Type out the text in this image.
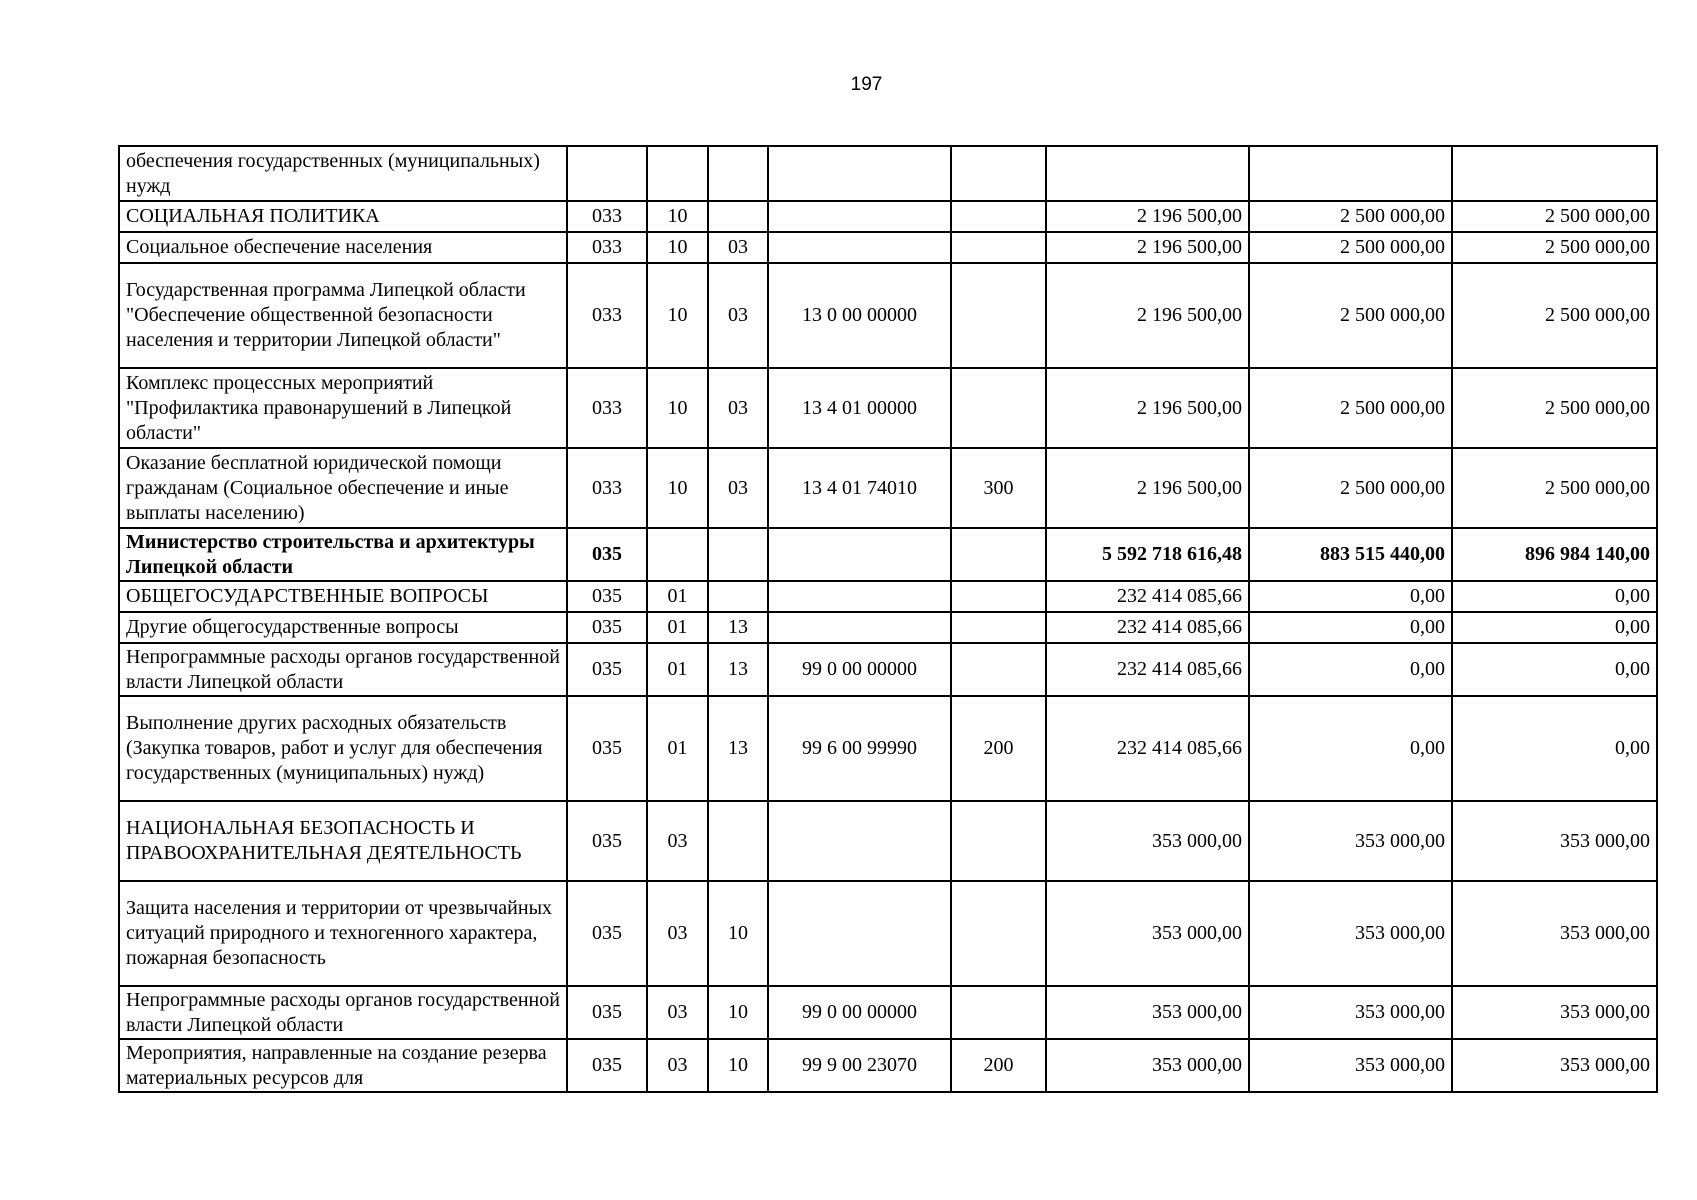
197
обеспечения государственных (муниципальных) нужд								
СОЦИАЛЬНАЯ ПОЛИТИКА	033	10				2 196 500,00	2 500 000,00	2 500 000,00
Социальное обеспечение населения	033	10	03			2 196 500,00	2 500 000,00	2 500 000,00
Государственная программа Липецкой области "Обеспечение общественной безопасности населения и территории Липецкой области"	033	10	03	13 0 00 00000		2 196 500,00	2 500 000,00	2 500 000,00
Комплекс процессных мероприятий "Профилактика правонарушений в Липецкой области"	033	10	03	13 4 01 00000		2 196 500,00	2 500 000,00	2 500 000,00
Оказание бесплатной юридической помощи гражданам (Социальное обеспечение и иные выплаты населению)	033	10	03	13 4 01 74010	300	2 196 500,00	2 500 000,00	2 500 000,00
Министерство строительства и архитектуры Липецкой области	035					5 592 718 616,48	883 515 440,00	896 984 140,00
ОБЩЕГОСУДАРСТВЕННЫЕ ВОПРОСЫ	035	01				232 414 085,66	0,00	0,00
Другие общегосударственные вопросы	035	01	13			232 414 085,66	0,00	0,00
Непрограммные расходы органов государственной власти Липецкой области	035	01	13	99 0 00 00000		232 414 085,66	0,00	0,00
Выполнение других расходных обязательств (Закупка товаров, работ и услуг для обеспечения государственных (муниципальных) нужд)	035	01	13	99 6 00 99990	200	232 414 085,66	0,00	0,00
НАЦИОНАЛЬНАЯ БЕЗОПАСНОСТЬ И ПРАВООХРАНИТЕЛЬНАЯ ДЕЯТЕЛЬНОСТЬ	035	03				353 000,00	353 000,00	353 000,00
Защита населения и территории от чрезвычайных ситуаций природного и техногенного характера, пожарная безопасность	035	03	10			353 000,00	353 000,00	353 000,00
Непрограммные расходы органов государственной власти Липецкой области	035	03	10	99 0 00 00000		353 000,00	353 000,00	353 000,00
Мероприятия, направленные на создание резерва материальных ресурсов для	035	03	10	99 9 00 23070	200	353 000,00	353 000,00	353 000,00
